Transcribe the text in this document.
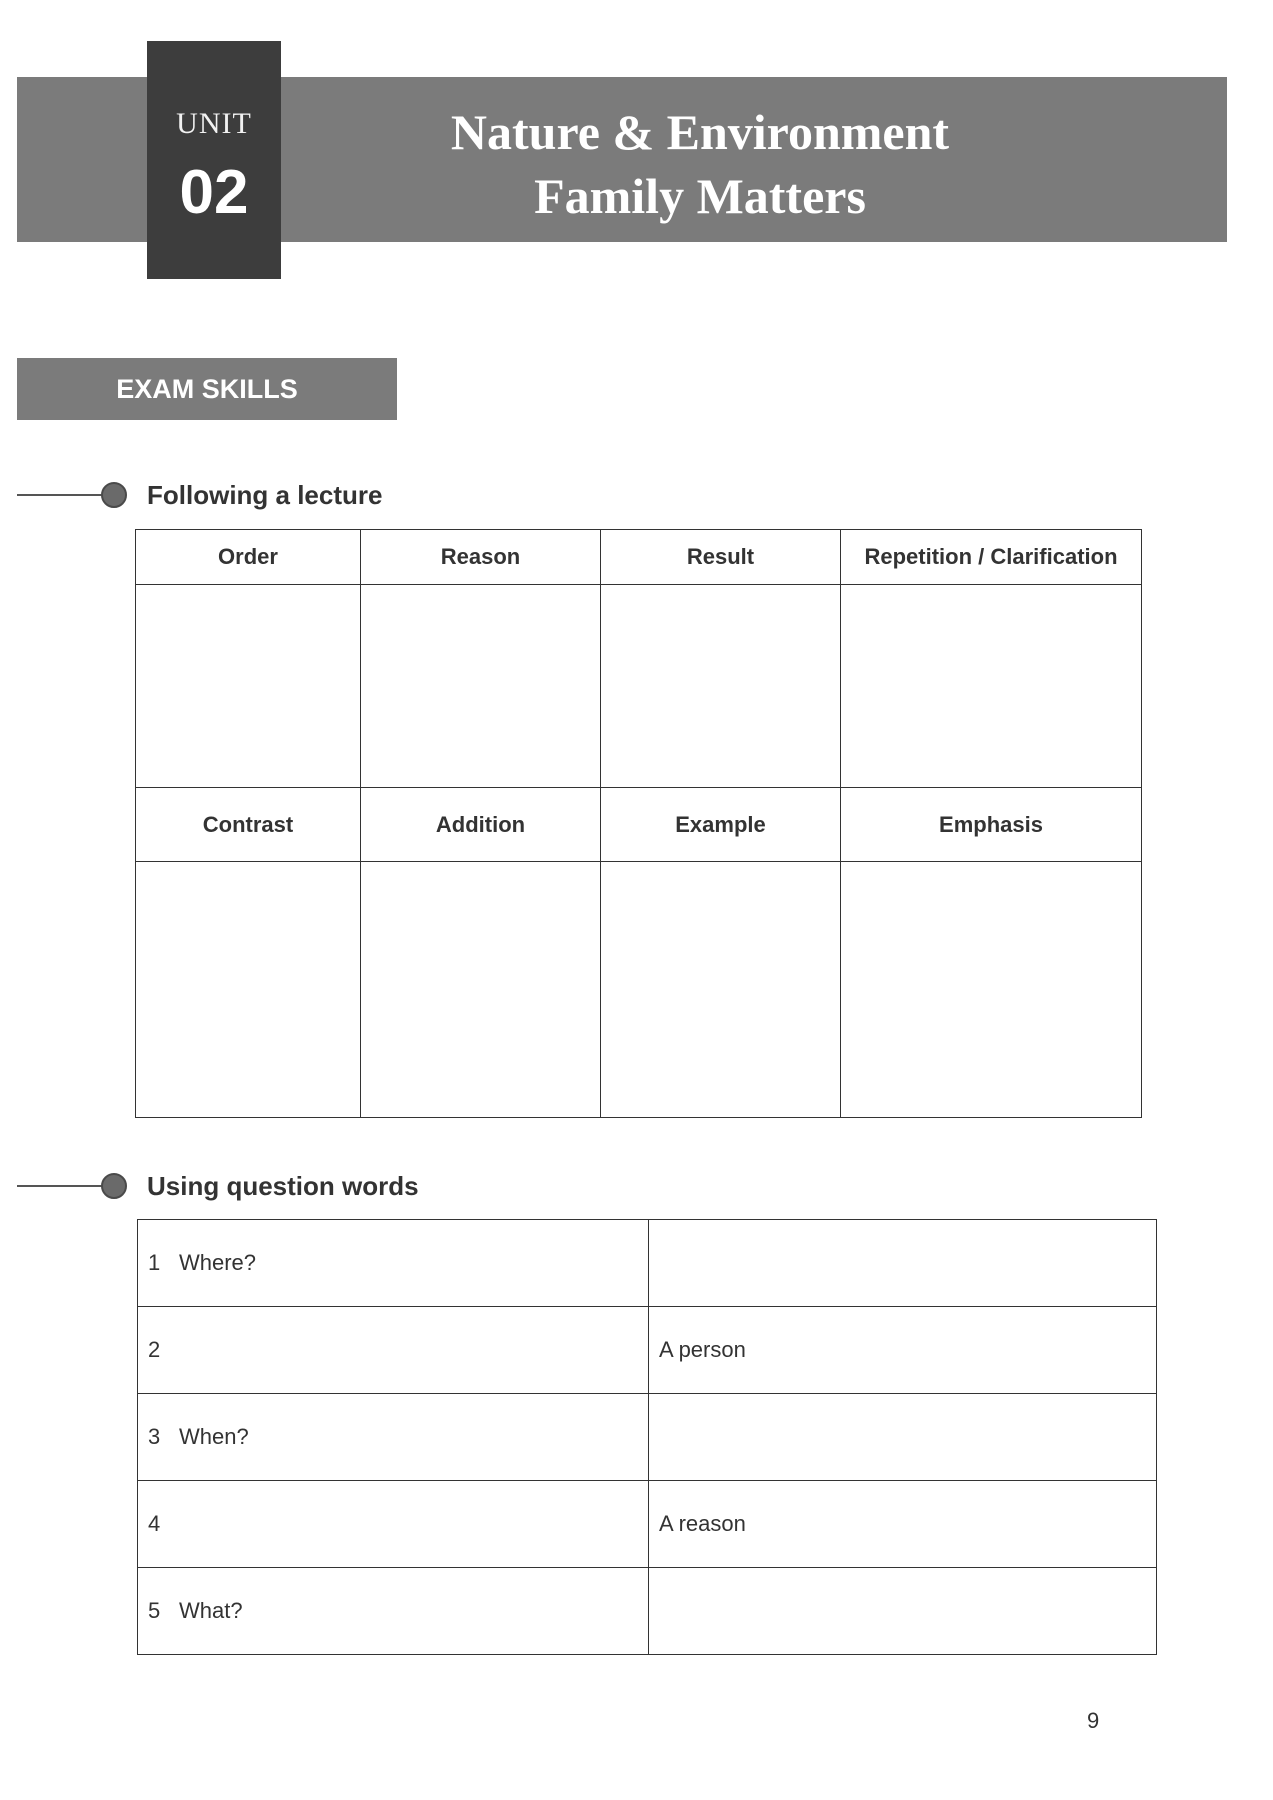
UNIT
02
Nature & Environment
Family Matters
EXAM SKILLS
Following a lecture
Order	Reason	Result	Repetition / Clarification

Contrast	Addition	Example	Emphasis

Using question words
1 Where?	
2	A person
3 When?	
4	A reason
5 What?	
9
